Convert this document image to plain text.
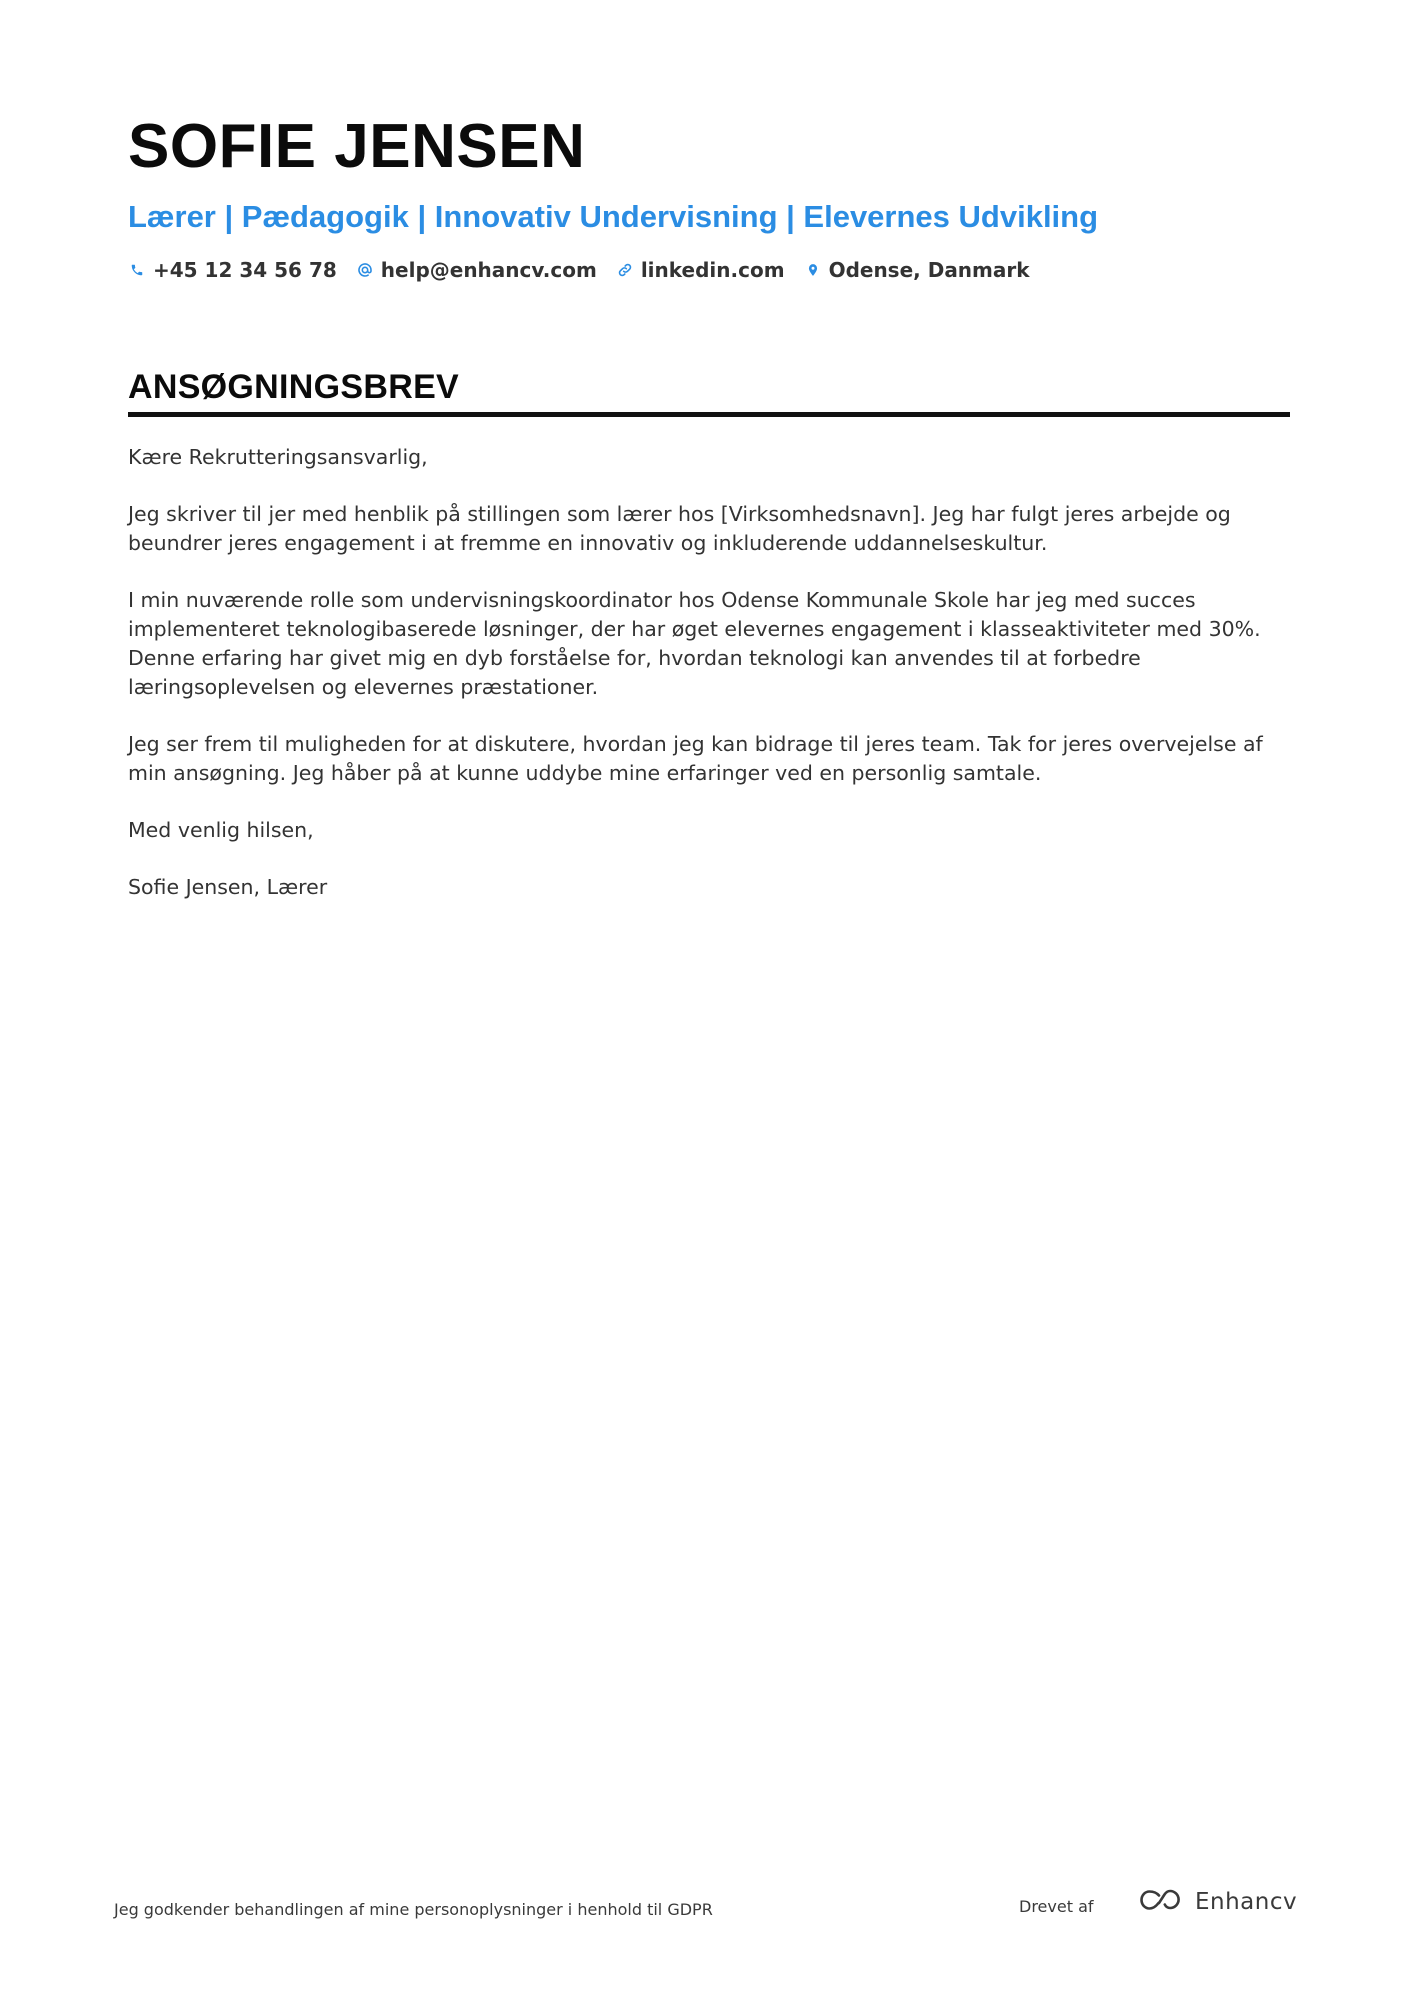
SOFIE JENSEN
Lærer | Pædagogik | Innovativ Undervisning | Elevernes Udvikling
+45 12 34 56 78 help@enhancv.com linkedin.com Odense, Danmark
ANSØGNINGSBREV

Kære Rekrutteringsansvarlig,

Jeg skriver til jer med henblik på stillingen som lærer hos [Virksomhedsnavn]. Jeg har fulgt jeres arbejde og beundrer jeres engagement i at fremme en innovativ og inkluderende uddannelseskultur.

I min nuværende rolle som undervisningskoordinator hos Odense Kommunale Skole har jeg med succes implementeret teknologibaserede løsninger, der har øget elevernes engagement i klasseaktiviteter med 30%. Denne erfaring har givet mig en dyb forståelse for, hvordan teknologi kan anvendes til at forbedre læringsoplevelsen og elevernes præstationer.

Jeg ser frem til muligheden for at diskutere, hvordan jeg kan bidrage til jeres team. Tak for jeres overvejelse af min ansøgning. Jeg håber på at kunne uddybe mine erfaringer ved en personlig samtale.

Med venlig hilsen,

Sofie Jensen, Lærer

Jeg godkender behandlingen af mine personoplysninger i henhold til GDPR	Drevet af	Enhancv
